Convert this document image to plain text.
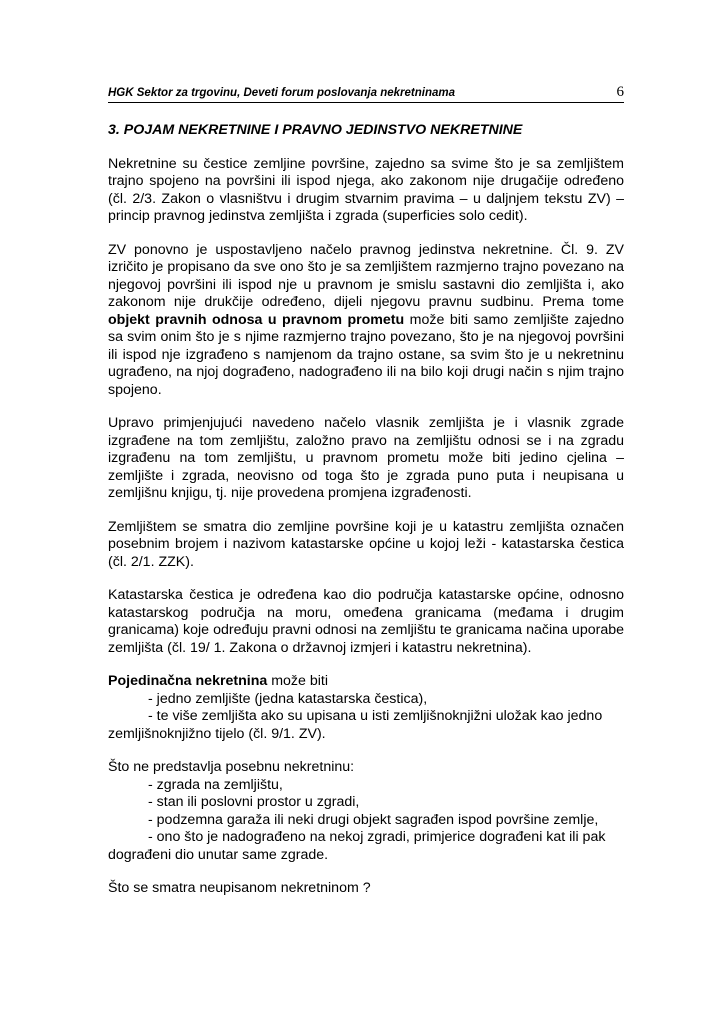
HGK Sektor za trgovinu, Deveti forum poslovanja nekretninama	6
3. POJAM NEKRETNINE I PRAVNO JEDINSTVO NEKRETNINE

Nekretnine su čestice zemljine površine, zajedno sa svime što je sa zemljištem trajno spojeno na površini ili ispod njega, ako zakonom nije drugačije određeno (čl. 2/3. Zakon o vlasništvu i drugim stvarnim pravima – u daljnjem tekstu ZV) – princip pravnog jedinstva zemljišta i zgrada (superficies solo cedit).

ZV ponovno je uspostavljeno načelo pravnog jedinstva nekretnine. Čl. 9. ZV izričito je propisano da sve ono što je sa zemljištem razmjerno trajno povezano na njegovoj površini ili ispod nje u pravnom je smislu sastavni dio zemljišta i, ako zakonom nije drukčije određeno, dijeli njegovu pravnu sudbinu. Prema tome objekt pravnih odnosa u pravnom prometu može biti samo zemljište zajedno sa svim onim što je s njime razmjerno trajno povezano, što je na njegovoj površini ili ispod nje izgrađeno s namjenom da trajno ostane, sa svim što je u nekretninu ugrađeno, na njoj dograđeno, nadograđeno ili na bilo koji drugi način s njim trajno spojeno.

Upravo primjenjujući navedeno načelo vlasnik zemljišta je i vlasnik zgrade izgrađene na tom zemljištu, založno pravo na zemljištu odnosi se i na zgradu izgrađenu na tom zemljištu, u pravnom prometu može biti jedino cjelina – zemljište i zgrada, neovisno od toga što je zgrada puno puta i neupisana u zemljišnu knjigu, tj. nije provedena promjena izgrađenosti.

Zemljištem se smatra dio zemljine površine koji je u katastru zemljišta označen posebnim brojem i nazivom katastarske općine u kojoj leži - katastarska čestica (čl. 2/1. ZZK).

Katastarska čestica je određena kao dio područja katastarske općine, odnosno katastarskog područja na moru, omeđena granicama (međama i drugim granicama) koje određuju pravni odnosi na zemljištu te granicama načina uporabe zemljišta (čl. 19/ 1. Zakona o državnoj izmjeri i katastru nekretnina).

Pojedinačna nekretnina može biti
- jedno zemljište (jedna katastarska čestica),
- te više zemljišta ako su upisana u isti zemljišnoknjižni uložak kao jedno
zemljišnoknjižno tijelo (čl. 9/1. ZV).
Što ne predstavlja posebnu nekretninu:
- zgrada na zemljištu,
- stan ili poslovni prostor u zgradi,
- podzemna garaža ili neki drugi objekt sagrađen ispod površine zemlje,
- ono što je nadograđeno na nekoj zgradi, primjerice dograđeni kat ili pak
dograđeni dio unutar same zgrade.
Što se smatra neupisanom nekretninom ?
